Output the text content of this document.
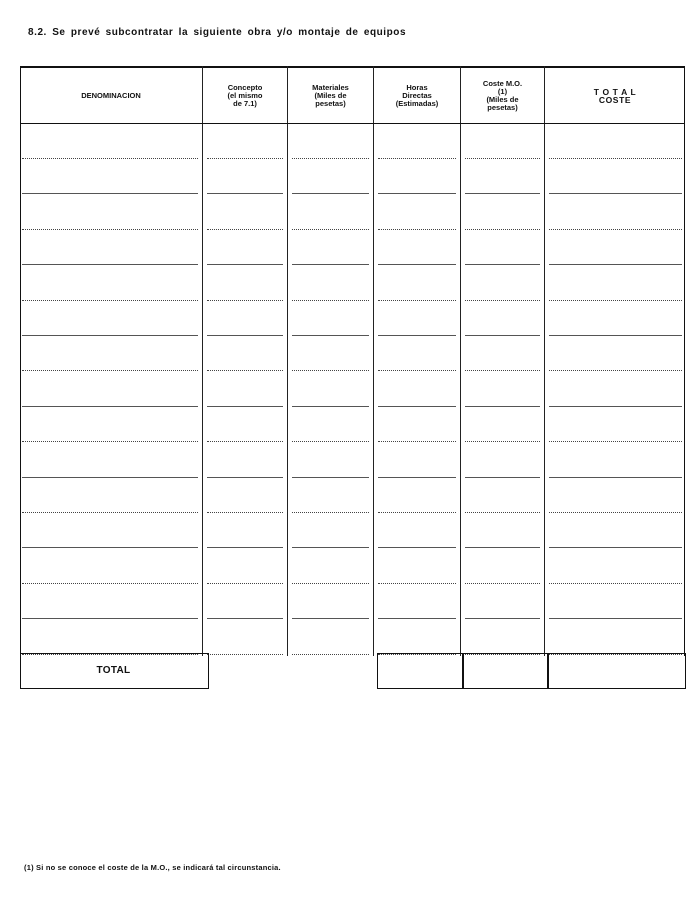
8.2. Se prevé subcontratar la siguiente obra y/o montaje de equipos
DENOMINACION
Concepto
(el mismo
de 7.1)
Materiales
(Miles de
pesetas)
Horas
Directas
(Estimadas)
Coste M.O.
(1)
(Miles de
pesetas)
T O T A L
COSTE
TOTAL
(1) Si no se conoce el coste de la M.O., se indicará tal circunstancia.
